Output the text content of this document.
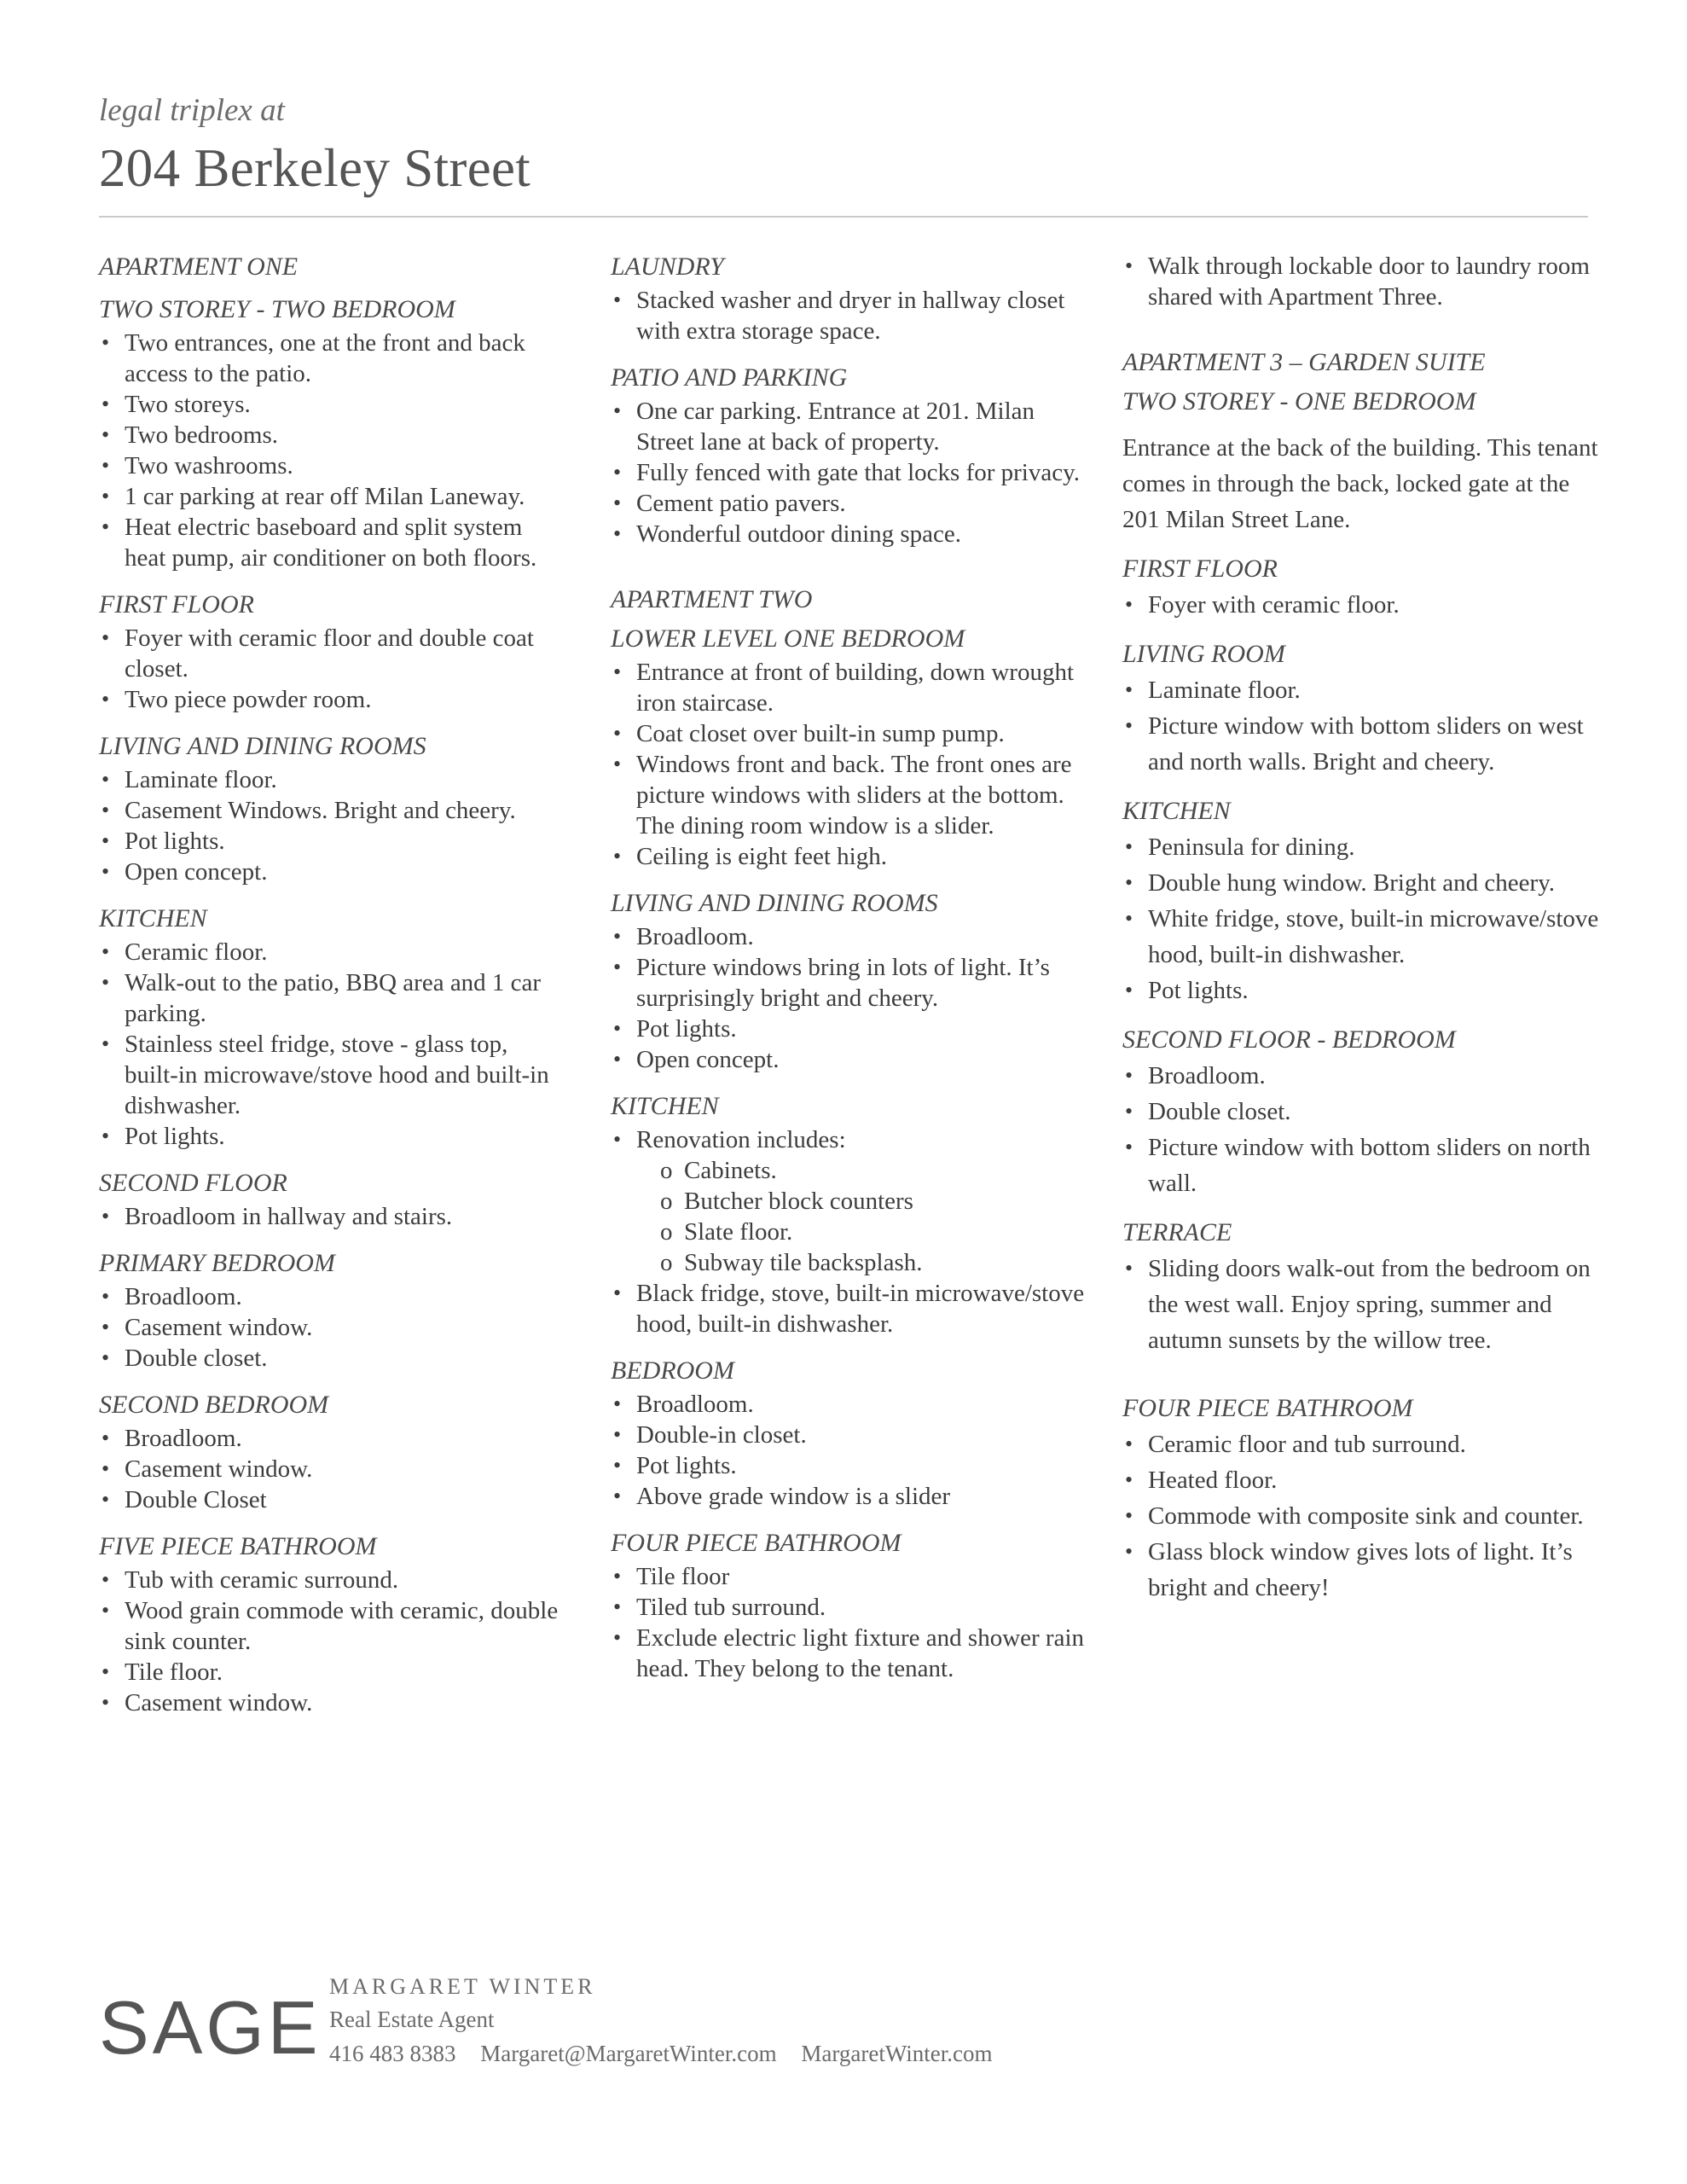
legal triplex at
204 Berkeley Street
APARTMENT ONE
TWO STOREY - TWO BEDROOM
• Two entrances, one at the front and back access to the patio.
• Two storeys.
• Two bedrooms.
• Two washrooms.
• 1 car parking at rear off Milan Laneway.
• Heat electric baseboard and split system heat pump, air conditioner on both floors.
FIRST FLOOR
• Foyer with ceramic floor and double coat closet.
• Two piece powder room.
LIVING AND DINING ROOMS
• Laminate floor.
• Casement Windows. Bright and cheery.
• Pot lights.
• Open concept.
KITCHEN
• Ceramic floor.
• Walk-out to the patio, BBQ area and 1 car parking.
• Stainless steel fridge, stove - glass top, built-in microwave/stove hood and built-in dishwasher.
• Pot lights.
SECOND FLOOR
• Broadloom in hallway and stairs.
PRIMARY BEDROOM
• Broadloom.
• Casement window.
• Double closet.
SECOND BEDROOM
• Broadloom.
• Casement window.
• Double Closet
FIVE PIECE BATHROOM
• Tub with ceramic surround.
• Wood grain commode with ceramic, double sink counter.
• Tile floor.
• Casement window.
LAUNDRY
• Stacked washer and dryer in hallway closet with extra storage space.
PATIO AND PARKING
• One car parking. Entrance at 201. Milan Street lane at back of property.
• Fully fenced with gate that locks for privacy.
• Cement patio pavers.
• Wonderful outdoor dining space.
APARTMENT TWO
LOWER LEVEL ONE BEDROOM
• Entrance at front of building, down wrought iron staircase.
• Coat closet over built-in sump pump.
• Windows front and back. The front ones are picture windows with sliders at the bottom. The dining room window is a slider.
• Ceiling is eight feet high.
LIVING AND DINING ROOMS
• Broadloom.
• Picture windows bring in lots of light. It’s surprisingly bright and cheery.
• Pot lights.
• Open concept.
KITCHEN
• Renovation includes:
o Cabinets.
o Butcher block counters
o Slate floor.
o Subway tile backsplash.
• Black fridge, stove, built-in microwave/stove hood, built-in dishwasher.
BEDROOM
• Broadloom.
• Double-in closet.
• Pot lights.
• Above grade window is a slider
FOUR PIECE BATHROOM
• Tile floor
• Tiled tub surround.
• Exclude electric light fixture and shower rain head. They belong to the tenant.
• Walk through lockable door to laundry room shared with Apartment Three.
APARTMENT 3 – GARDEN SUITE
TWO STOREY - ONE BEDROOM
Entrance at the back of the building. This tenant comes in through the back, locked gate at the 201 Milan Street Lane.
FIRST FLOOR
• Foyer with ceramic floor.
LIVING ROOM
• Laminate floor.
• Picture window with bottom sliders on west and north walls. Bright and cheery.
KITCHEN
• Peninsula for dining.
• Double hung window. Bright and cheery.
• White fridge, stove, built-in microwave/stove hood, built-in dishwasher.
• Pot lights.
SECOND FLOOR - BEDROOM
• Broadloom.
• Double closet.
• Picture window with bottom sliders on north wall.
TERRACE
• Sliding doors walk-out from the bedroom on the west wall. Enjoy spring, summer and autumn sunsets by the willow tree.
FOUR PIECE BATHROOM
• Ceramic floor and tub surround.
• Heated floor.
• Commode with composite sink and counter.
• Glass block window gives lots of light. It’s bright and cheery!
SAGE MARGARET WINTER
Real Estate Agent
416 483 8383 Margaret@MargaretWinter.com MargaretWinter.com
